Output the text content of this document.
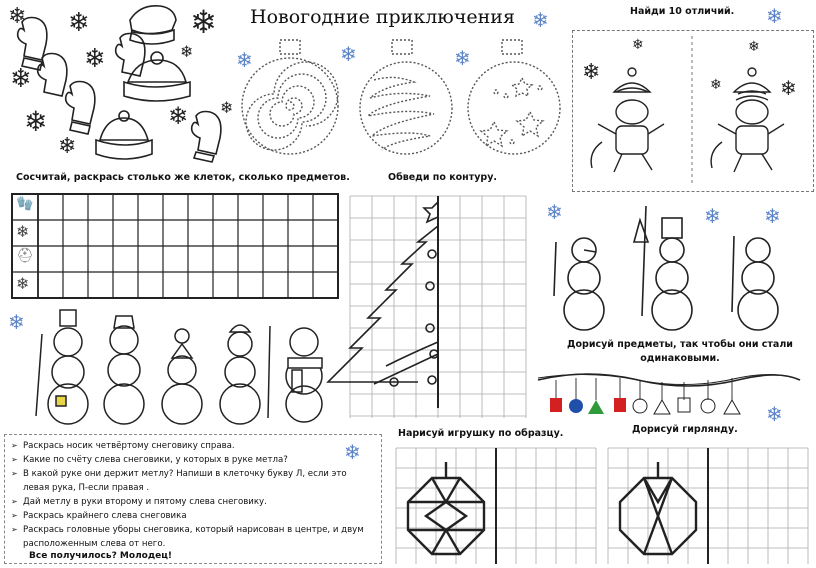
Новогодние приключения
❄ ❄	❄
❄
❄
❄	❄
❄
❄
❄
❄	❄	❄
❄	❄
Сосчитай, раскрась столько же клеток, сколько предметов.	Обведи по контуру.
Найди 10 отличий.
❄
❄
❄
❄
❄
🧤
❄
⛑
❄
❄
❄	❄ ❄
Дорисуй предметы, так чтобы они стали одинаковыми.
❄
➢ Раскрась носик четвёртому снеговику справа.
➢ Какие по счёту слева снеговики, у которых в руке метла?
➢ В какой руке они держит метлу? Напиши в клеточку букву Л, если это левая рука, П-если правая .
➢ Дай метлу в руки второму и пятому слева снеговику.
➢ Раскрась крайнего слева снеговика
➢ Раскрась головные уборы снеговика, который нарисован в центре, и двум расположенным слева от него.
Все получилось? Молодец!
❄
Нарисуй игрушку по образцу.	Дорисуй гирлянду.
